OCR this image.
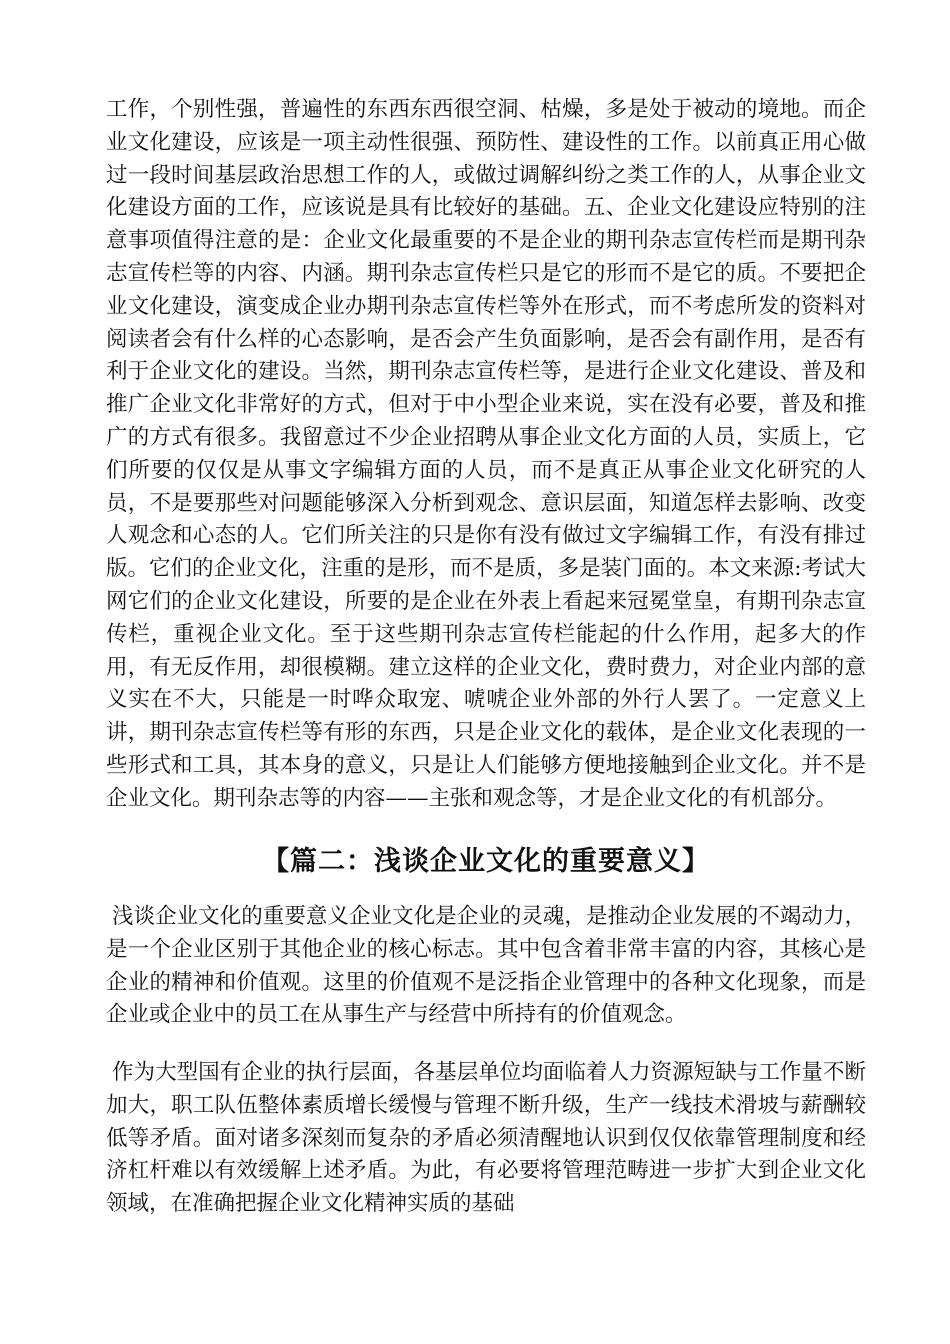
工作，个别性强，普遍性的东西东西很空洞、枯燥，多是处于被动的境地。而企业文化建设，应该是一项主动性很强、预防性、建设性的工作。以前真正用心做过一段时间基层政治思想工作的人，或做过调解纠纷之类工作的人，从事企业文化建设方面的工作，应该说是具有比较好的基础。五、企业文化建设应特别的注意事项值得注意的是：企业文化最重要的不是企业的期刊杂志宣传栏而是期刊杂志宣传栏等的内容、内涵。期刊杂志宣传栏只是它的形而不是它的质。不要把企业文化建设，演变成企业办期刊杂志宣传栏等外在形式，而不考虑所发的资料对阅读者会有什么样的心态影响，是否会产生负面影响，是否会有副作用，是否有利于企业文化的建设。当然，期刊杂志宣传栏等，是进行企业文化建设、普及和推广企业文化非常好的方式，但对于中小型企业来说，实在没有必要，普及和推广的方式有很多。我留意过不少企业招聘从事企业文化方面的人员，实质上，它们所要的仅仅是从事文字编辑方面的人员，而不是真正从事企业文化研究的人员，不是要那些对问题能够深入分析到观念、意识层面，知道怎样去影响、改变人观念和心态的人。它们所关注的只是你有没有做过文字编辑工作，有没有排过版。它们的企业文化，注重的是形，而不是质，多是装门面的。本文来源:考试大网它们的企业文化建设，所要的是企业在外表上看起来冠冕堂皇，有期刊杂志宣传栏，重视企业文化。至于这些期刊杂志宣传栏能起的什么作用，起多大的作用，有无反作用，却很模糊。建立这样的企业文化，费时费力，对企业内部的意义实在不大，只能是一时哗众取宠、唬唬企业外部的外行人罢了。一定意义上讲，期刊杂志宣传栏等有形的东西，只是企业文化的载体，是企业文化表现的一些形式和工具，其本身的意义，只是让人们能够方便地接触到企业文化。并不是企业文化。期刊杂志等的内容——主张和观念等，才是企业文化的有机部分。

【篇二：浅谈企业文化的重要意义】

浅谈企业文化的重要意义企业文化是企业的灵魂，是推动企业发展的不竭动力，是一个企业区别于其他企业的核心标志。其中包含着非常丰富的内容，其核心是企业的精神和价值观。这里的价值观不是泛指企业管理中的各种文化现象，而是企业或企业中的员工在从事生产与经营中所持有的价值观念。

作为大型国有企业的执行层面，各基层单位均面临着人力资源短缺与工作量不断加大，职工队伍整体素质增长缓慢与管理不断升级，生产一线技术滑坡与薪酬较低等矛盾。面对诸多深刻而复杂的矛盾必须清醒地认识到仅仅依靠管理制度和经济杠杆难以有效缓解上述矛盾。为此，有必要将管理范畴进一步扩大到企业文化领域，在准确把握企业文化精神实质的基础
